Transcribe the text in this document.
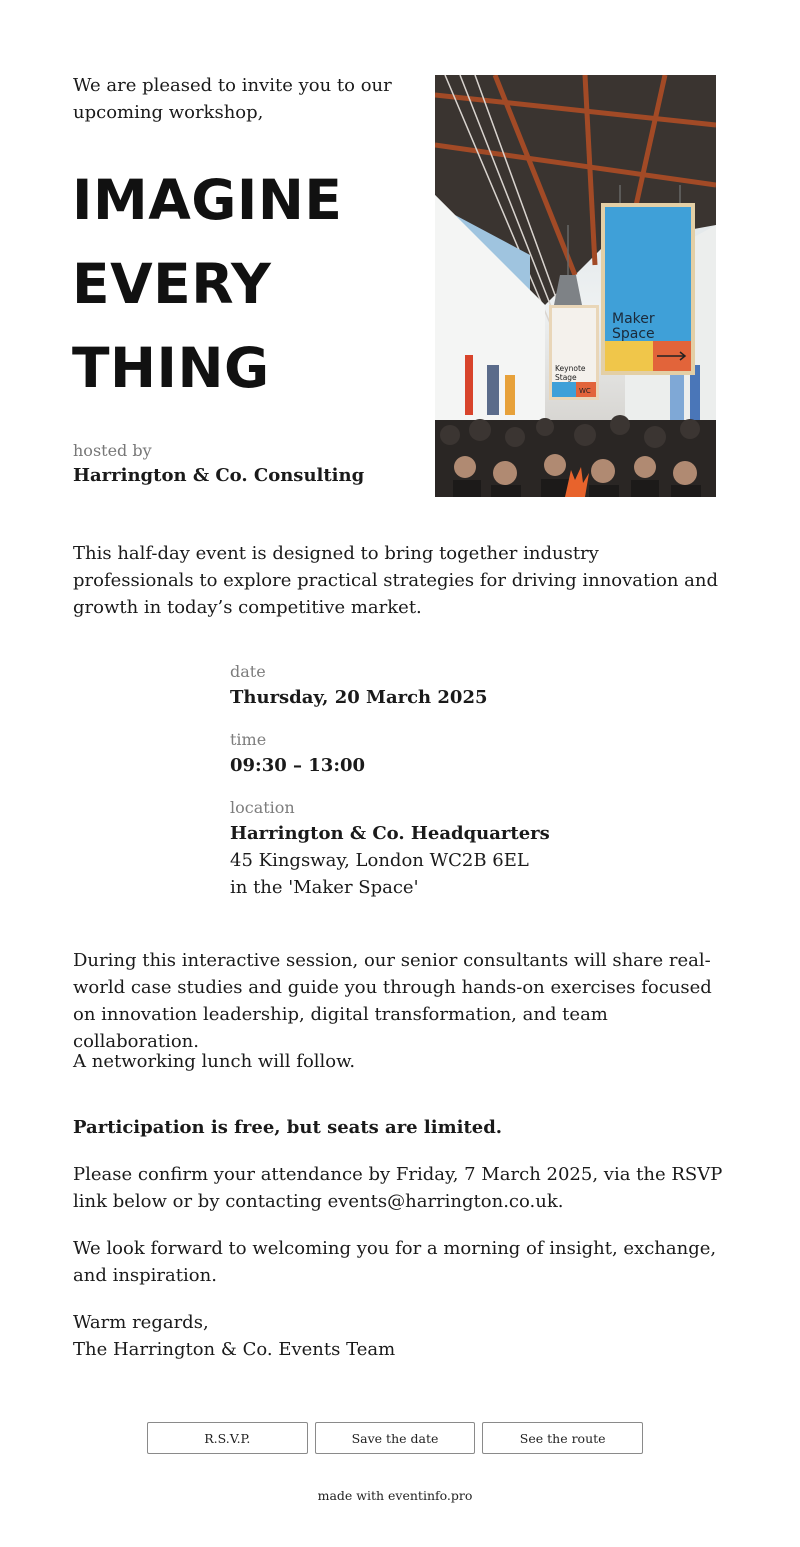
We are pleased to invite you to our upcoming workshop,
IMAGINE
EVERY
THING
hosted by
Harrington & Co. Consulting
Keynote
Stage
WC
Maker
Space

This half-day event is designed to bring together industry professionals to explore practical strategies for driving innovation and growth in today’s competitive market.

date
Thursday, 20 March 2025
time
09:30 – 13:00
location
Harrington & Co. Headquarters
45 Kingsway, London WC2B 6EL
in the 'Maker Space'

During this interactive session, our senior consultants will share real-world case studies and guide you through hands-on exercises focused on innovation leadership, digital transformation, and team collaboration.

A networking lunch will follow.

Participation is free, but seats are limited.

Please confirm your attendance by Friday, 7 March 2025, via the RSVP link below or by contacting events@harrington.co.uk.

We look forward to welcoming you for a morning of insight, exchange, and inspiration.

Warm regards,
The Harrington & Co. Events Team
R.S.V.P.	Save the date	See the route
made with eventinfo.pro
